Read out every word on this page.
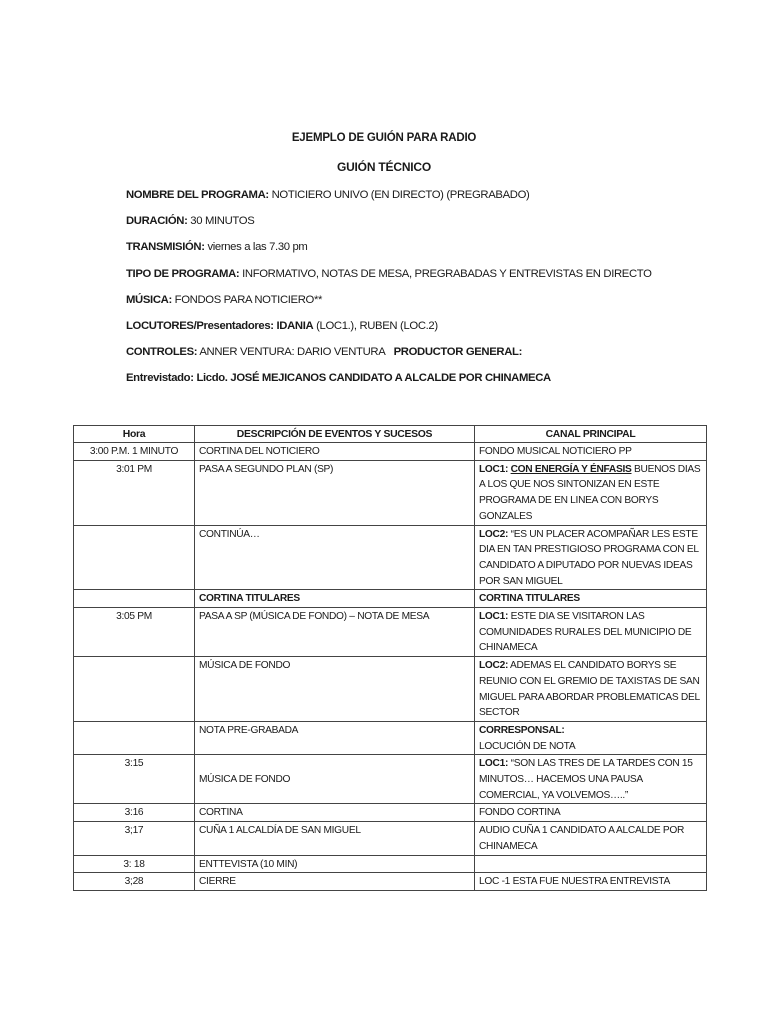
EJEMPLO DE GUIÓN PARA RADIO
GUIÓN TÉCNICO
NOMBRE DEL PROGRAMA: NOTICIERO UNIVO (EN DIRECTO) (PREGRABADO)
DURACIÓN: 30 MINUTOS
TRANSMISIÓN: viernes a las 7.30 pm
TIPO DE PROGRAMA: INFORMATIVO, NOTAS DE MESA, PREGRABADAS Y ENTREVISTAS EN DIRECTO
MÚSICA: FONDOS PARA NOTICIERO**
LOCUTORES/Presentadores: IDANIA (LOC1.), RUBEN (LOC.2)
CONTROLES: ANNER VENTURA: DARIO VENTURA PRODUCTOR GENERAL:
Entrevistado: Licdo. JOSÉ MEJICANOS CANDIDATO A ALCALDE POR CHINAMECA
Hora	DESCRIPCIÓN DE EVENTOS Y SUCESOS	CANAL PRINCIPAL
3:00 P.M. 1 MINUTO	CORTINA DEL NOTICIERO	FONDO MUSICAL NOTICIERO PP
3:01 PM	PASA A SEGUNDO PLAN (SP)	LOC1: CON ENERGÍA Y ÉNFASIS BUENOS DIAS A LOS QUE NOS SINTONIZAN EN ESTE PROGRAMA DE EN LINEA CON BORYS GONZALES
	CONTINÚA…	LOC2: “ES UN PLACER ACOMPAÑAR LES ESTE DIA EN TAN PRESTIGIOSO PROGRAMA CON EL CANDIDATO A DIPUTADO POR NUEVAS IDEAS POR SAN MIGUEL
	CORTINA TITULARES	CORTINA TITULARES
3:05 PM	PASA A SP (MÚSICA DE FONDO) – NOTA DE MESA	LOC1: ESTE DIA SE VISITARON LAS COMUNIDADES RURALES DEL MUNICIPIO DE CHINAMECA
	MÚSICA DE FONDO	LOC2: ADEMAS EL CANDIDATO BORYS SE REUNIO CON EL GREMIO DE TAXISTAS DE SAN MIGUEL PARA ABORDAR PROBLEMATICAS DEL SECTOR
	NOTA PRE-GRABADA	CORRESPONSAL:
LOCUCIÓN DE NOTA
3:15	MÚSICA DE FONDO	LOC1: “SON LAS TRES DE LA TARDES CON 15 MINUTOS… HACEMOS UNA PAUSA COMERCIAL, YA VOLVEMOS…..”
3:16	CORTINA	FONDO CORTINA
3;17	CUÑA 1 ALCALDÍA DE SAN MIGUEL	AUDIO CUÑA 1 CANDIDATO A ALCALDE POR CHINAMECA
3: 18	ENTTEVISTA (10 MIN)	
3;28	CIERRE	LOC -1 ESTA FUE NUESTRA ENTREVISTA
